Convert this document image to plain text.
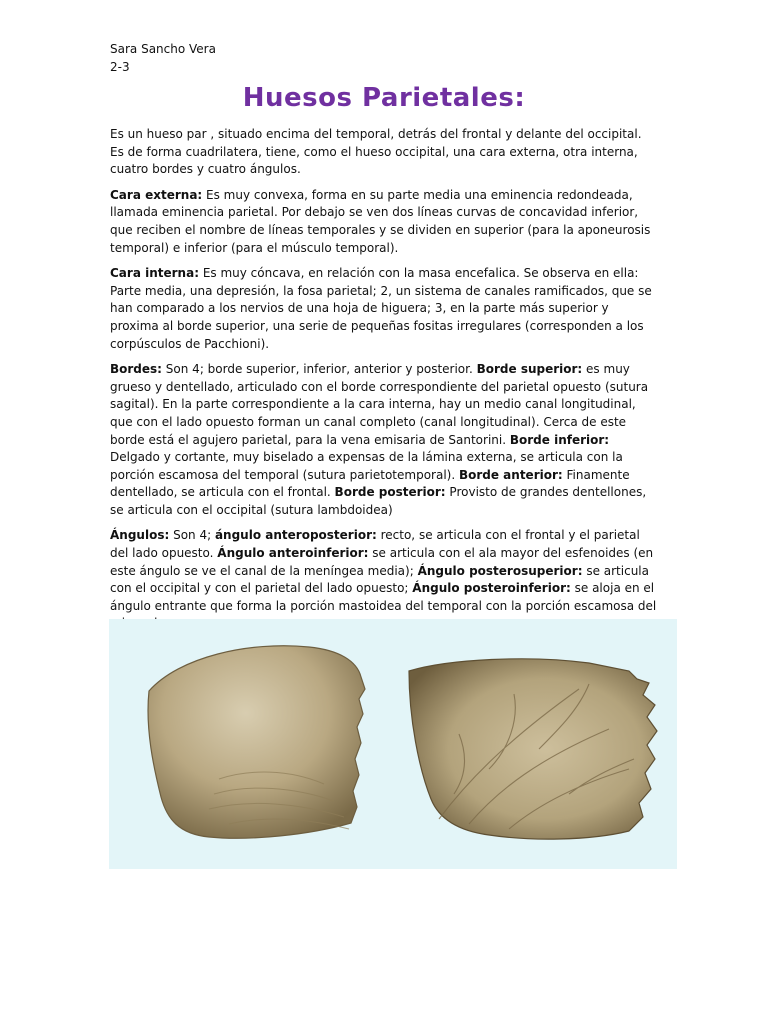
Sara Sancho Vera
2-3
Huesos Parietales:

Es un hueso par , situado encima del temporal, detrás del frontal y delante del occipital. Es de forma cuadrilatera, tiene, como el hueso occipital, una cara externa, otra interna, cuatro bordes y cuatro ángulos.

Cara externa: Es muy convexa, forma en su parte media una eminencia redondeada, llamada eminencia parietal. Por debajo se ven dos líneas curvas de concavidad inferior, que reciben el nombre de líneas temporales y se dividen en superior (para la aponeurosis temporal) e inferior (para el músculo temporal).

Cara interna: Es muy cóncava, en relación con la masa encefalica. Se observa en ella: Parte media, una depresión, la fosa parietal; 2, un sistema de canales ramificados, que se han comparado a los nervios de una hoja de higuera; 3, en la parte más superior y proxima al borde superior, una serie de pequeñas fositas irregulares (corresponden a los corpúsculos de Pacchioni).

Bordes: Son 4; borde superior, inferior, anterior y posterior. Borde superior: es muy grueso y dentellado, articulado con el borde correspondiente del parietal opuesto (sutura sagital). En la parte correspondiente a la cara interna, hay un medio canal longitudinal, que con el lado opuesto forman un canal completo (canal longitudinal). Cerca de este borde está el agujero parietal, para la vena emisaria de Santorini. Borde inferior: Delgado y cortante, muy biselado a expensas de la lámina externa, se articula con la porción escamosa del temporal (sutura parietotemporal). Borde anterior: Finamente dentellado, se articula con el frontal. Borde posterior: Provisto de grandes dentellones, se articula con el occipital (sutura lambdoidea)

Ángulos: Son 4; ángulo anteroposterior: recto, se articula con el frontal y el parietal del lado opuesto. Ángulo anteroinferior: se articula con el ala mayor del esfenoides (en este ángulo se ve el canal de la meníngea media); Ángulo posterosuperior: se articula con el occipital y con el parietal del lado opuesto; Ángulo posteroinferior: se aloja en el ángulo entrante que forma la porción mastoidea del temporal con la porción escamosa del
